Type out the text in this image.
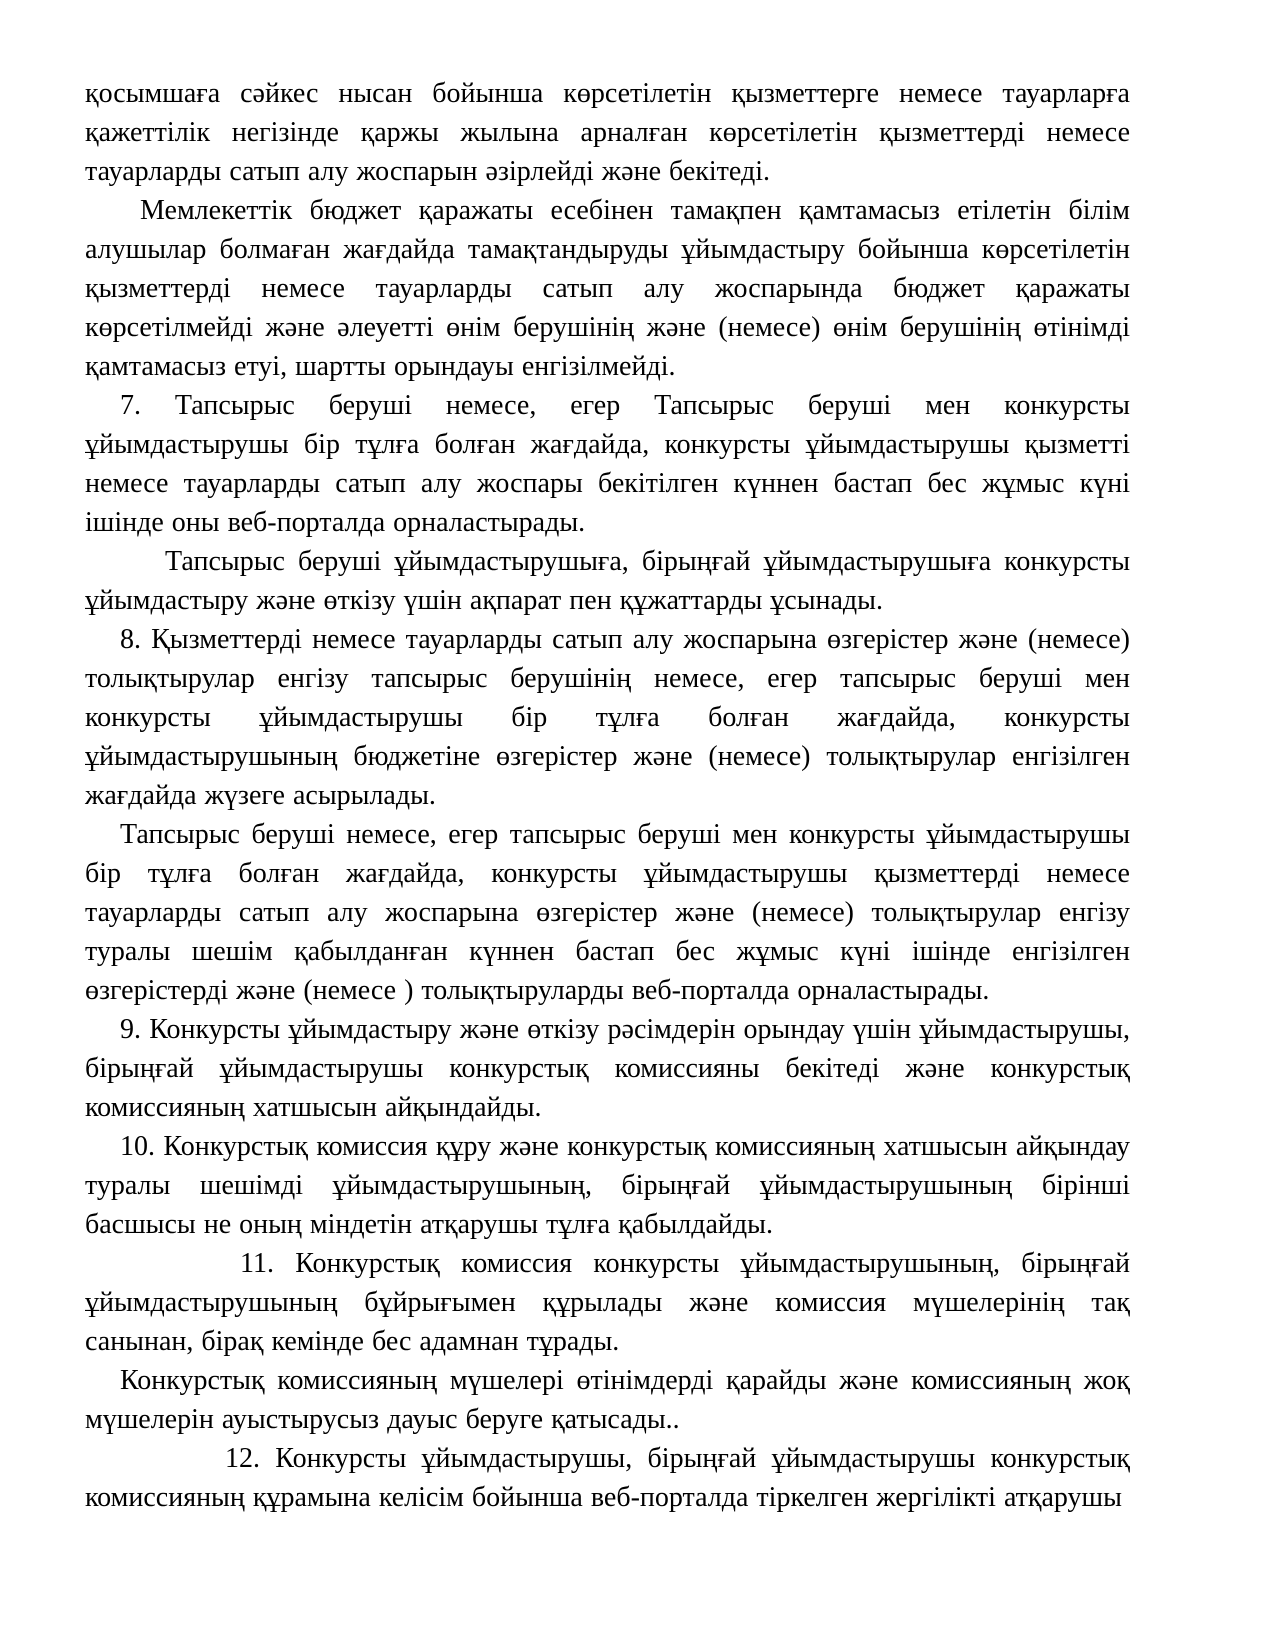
қосымшаға сәйкес нысан бойынша көрсетілетін қызметтерге немесе тауарларға қажеттілік негізінде қаржы жылына арналған көрсетілетін қызметтерді немесе тауарларды сатып алу жоспарын әзірлейді және бекітеді.

Мемлекеттік бюджет қаражаты есебінен тамақпен қамтамасыз етілетін білім алушылар болмаған жағдайда тамақтандыруды ұйымдастыру бойынша көрсетілетін қызметтерді немесе тауарларды сатып алу жоспарында бюджет қаражаты көрсетілмейді және әлеуетті өнім берушінің және (немесе) өнім берушінің өтінімді қамтамасыз етуі, шартты орындауы енгізілмейді.

7. Тапсырыс беруші немесе, егер Тапсырыс беруші мен конкурсты ұйымдастырушы бір тұлға болған жағдайда, конкурсты ұйымдастырушы қызметті немесе тауарларды сатып алу жоспары бекітілген күннен бастап бес жұмыс күні ішінде оны веб-порталда орналастырады.

Тапсырыс беруші ұйымдастырушыға, бірыңғай ұйымдастырушыға конкурсты ұйымдастыру және өткізу үшін ақпарат пен құжаттарды ұсынады.

8. Қызметтерді немесе тауарларды сатып алу жоспарына өзгерістер және (немесе) толықтырулар енгізу тапсырыс берушінің немесе, егер тапсырыс беруші мен конкурсты ұйымдастырушы бір тұлға болған жағдайда, конкурсты ұйымдастырушының бюджетіне өзгерістер және (немесе) толықтырулар енгізілген жағдайда жүзеге асырылады.

Тапсырыс беруші немесе, егер тапсырыс беруші мен конкурсты ұйымдастырушы бір тұлға болған жағдайда, конкурсты ұйымдастырушы қызметтерді немесе тауарларды сатып алу жоспарына өзгерістер және (немесе) толықтырулар енгізу туралы шешім қабылданған күннен бастап бес жұмыс күні ішінде енгізілген өзгерістерді және (немесе ) толықтыруларды веб-порталда орналастырады.

9. Конкурсты ұйымдастыру және өткізу рәсімдерін орындау үшін ұйымдастырушы, бірыңғай ұйымдастырушы конкурстық комиссияны бекітеді және конкурстық комиссияның хатшысын айқындайды.

10. Конкурстық комиссия құру және конкурстық комиссияның хатшысын айқындау туралы шешімді ұйымдастырушының, бірыңғай ұйымдастырушының бірінші басшысы не оның міндетін атқарушы тұлға қабылдайды.

11. Конкурстық комиссия конкурсты ұйымдастырушының, бірыңғай ұйымдастырушының бұйрығымен құрылады және комиссия мүшелерінің тақ санынан, бірақ кемінде бес адамнан тұрады.

Конкурстық комиссияның мүшелері өтінімдерді қарайды және комиссияның жоқ мүшелерін ауыстырусыз дауыс беруге қатысады..

12. Конкурсты ұйымдастырушы, бірыңғай ұйымдастырушы конкурстық комиссияның құрамына келісім бойынша веб-порталда тіркелген жергілікті атқарушы
